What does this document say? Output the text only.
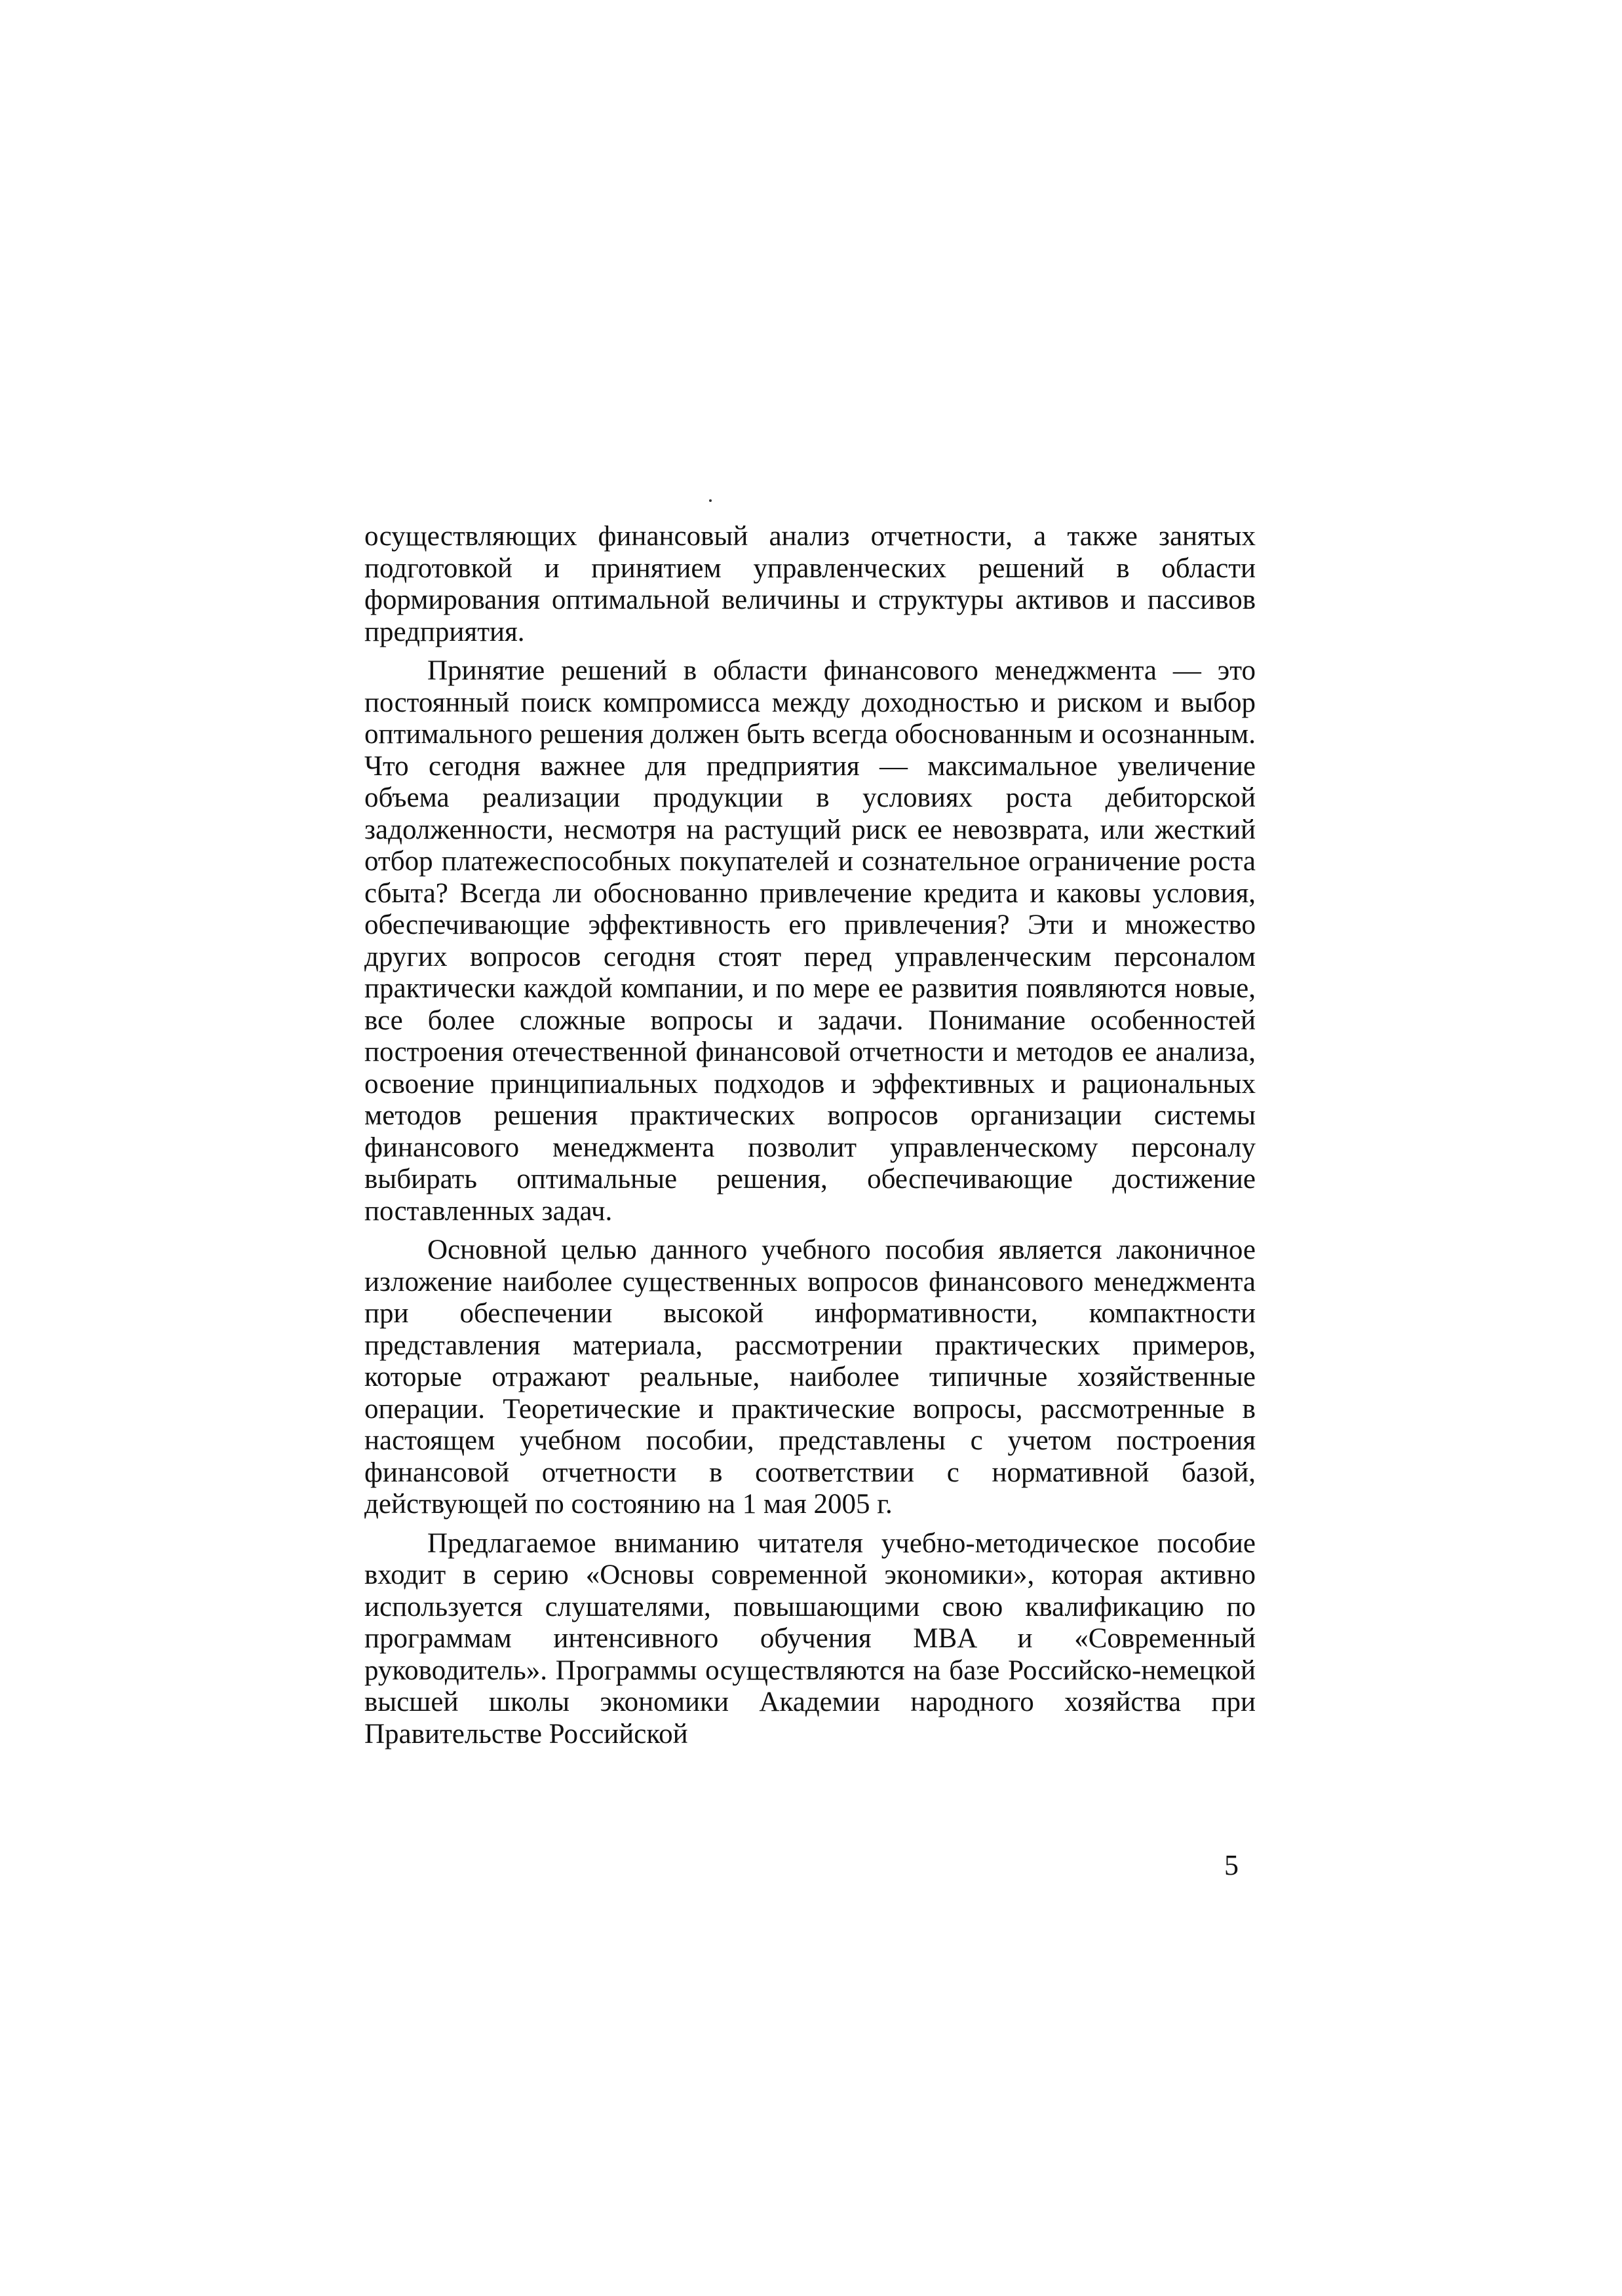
осуществляющих финансовый анализ отчетности, а также занятых подготовкой и принятием управленческих решений в области формирования оптимальной величины и структуры активов и пассивов предприятия.

Принятие решений в области финансового менеджмента — это постоянный поиск компромисса между доходностью и риском и выбор оптимального решения должен быть всегда обоснованным и осознанным. Что сегодня важнее для предприятия — максимальное увеличение объема реализации продукции в условиях роста дебиторской задолженности, несмотря на растущий риск ее невозврата, или жесткий отбор платежеспособных покупателей и сознательное ограничение роста сбыта? Всегда ли обоснованно привлечение кредита и каковы условия, обеспечивающие эффективность его привлечения? Эти и множество других вопросов сегодня стоят перед управленческим персоналом практически каждой компании, и по мере ее развития появляются новые, все более сложные вопросы и задачи. Понимание особенностей построения отечественной финансовой отчетности и методов ее анализа, освоение принципиальных подходов и эффективных и рациональных методов решения практических вопросов организации системы финансового менеджмента позволит управленческому персоналу выбирать оптимальные решения, обеспечивающие достижение поставленных задач.

Основной целью данного учебного пособия является лаконичное изложение наиболее существенных вопросов финансового менеджмента при обеспечении высокой информативности, компактности представления материала, рассмотрении практических примеров, которые отражают реальные, наиболее типичные хозяйственные операции. Теоретические и практические вопросы, рассмотренные в настоящем учебном пособии, представлены с учетом построения финансовой отчетности в соответствии с нормативной базой, действующей по состоянию на 1 мая 2005 г.

Предлагаемое вниманию читателя учебно-методическое пособие входит в серию «Основы современной экономики», которая активно используется слушателями, повышающими свою квалификацию по программам интенсивного обучения MBA и «Современный руководитель». Программы осуществляются на базе Российско-немецкой высшей школы экономики Академии народного хозяйства при Правительстве Российской

5
